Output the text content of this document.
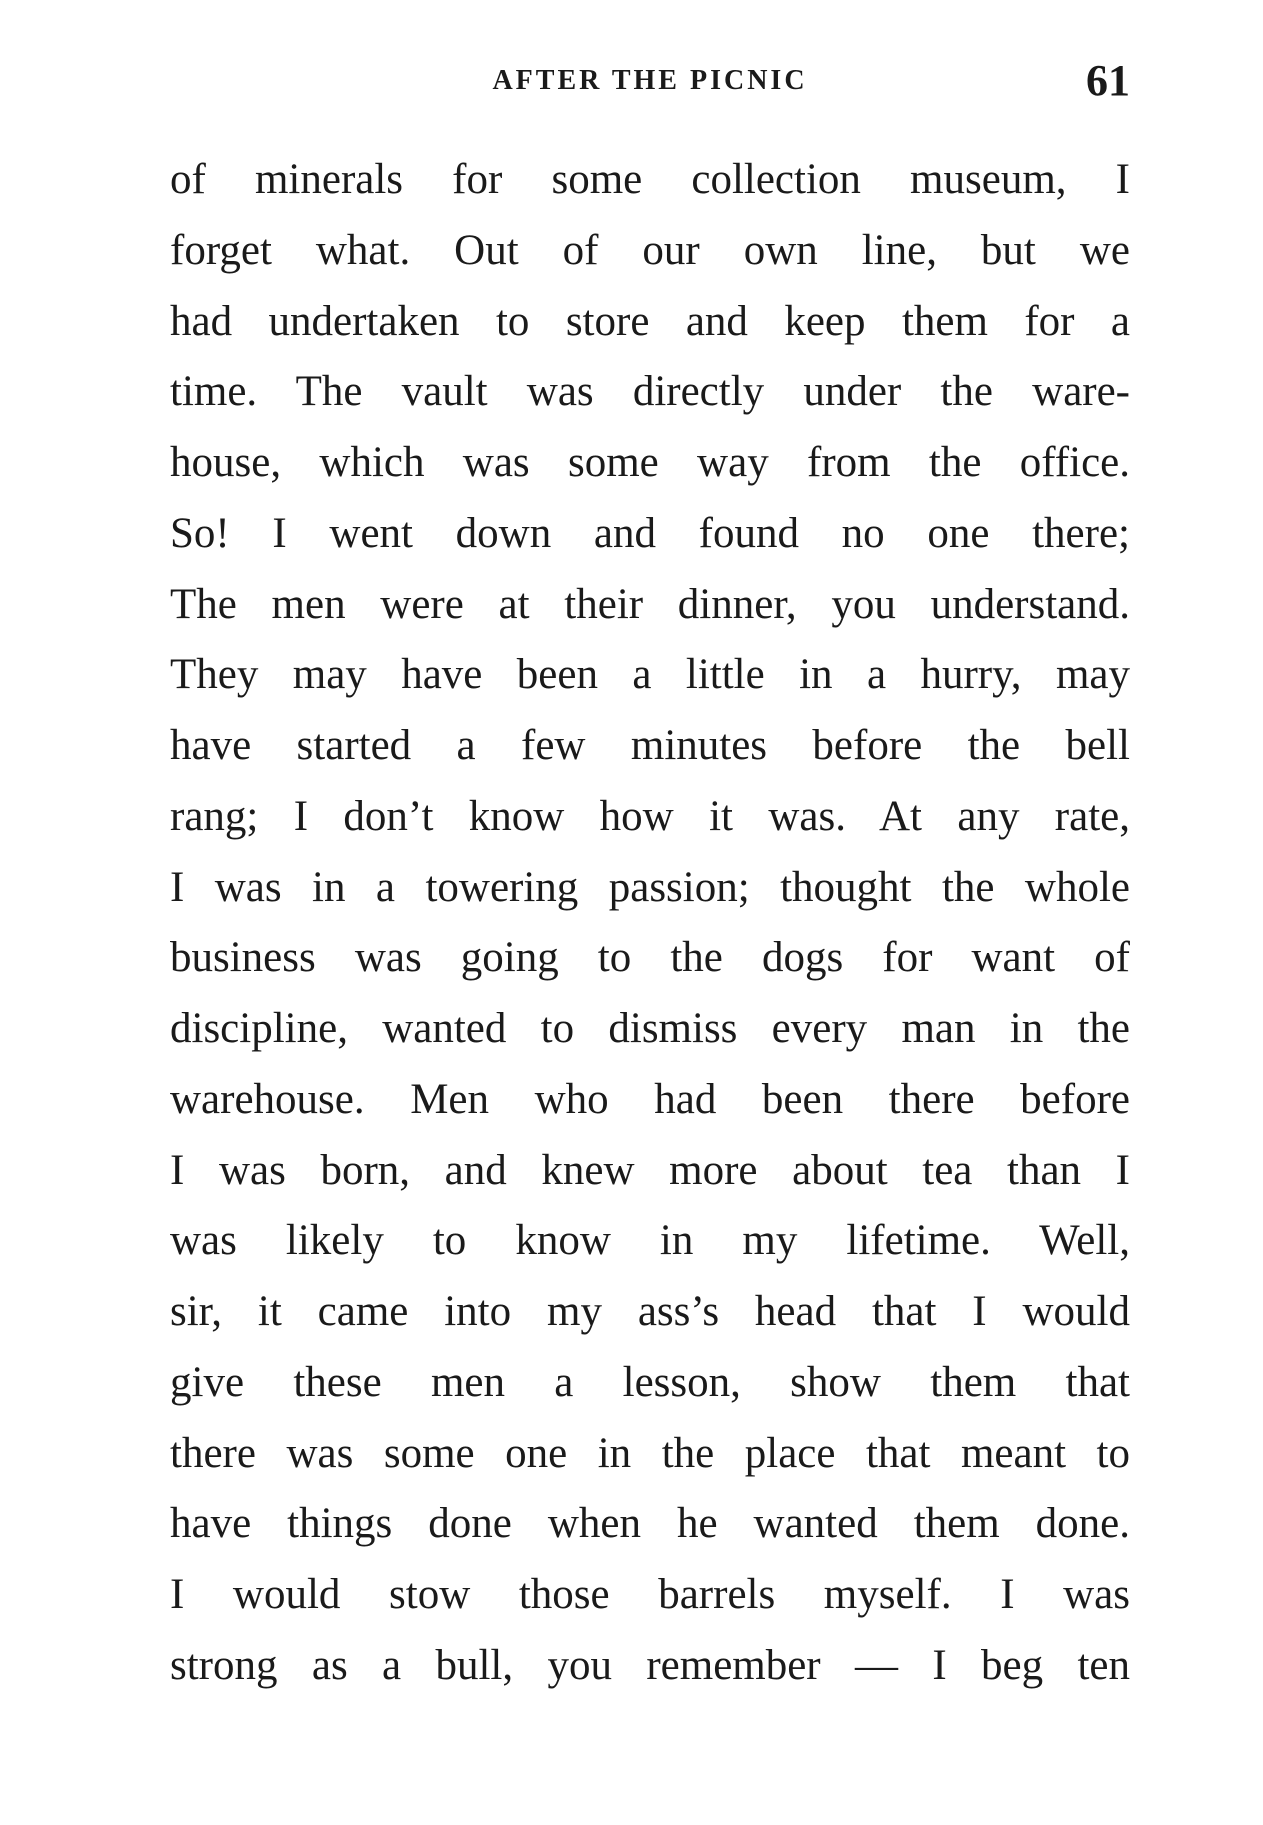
AFTER THE PICNIC	61
of minerals for some collection museum, I
forget what. Out of our own line, but we
had undertaken to store and keep them for a
time. The vault was directly under the ware-
house, which was some way from the office.
So! I went down and found no one there;
The men were at their dinner, you understand.
They may have been a little in a hurry, may
have started a few minutes before the bell
rang; I don’t know how it was. At any rate,
I was in a towering passion; thought the whole
business was going to the dogs for want of
discipline, wanted to dismiss every man in the
warehouse. Men who had been there before
I was born, and knew more about tea than I
was likely to know in my lifetime. Well,
sir, it came into my ass’s head that I would
give these men a lesson, show them that
there was some one in the place that meant to
have things done when he wanted them done.
I would stow those barrels myself. I was
strong as a bull, you remember — I beg ten
